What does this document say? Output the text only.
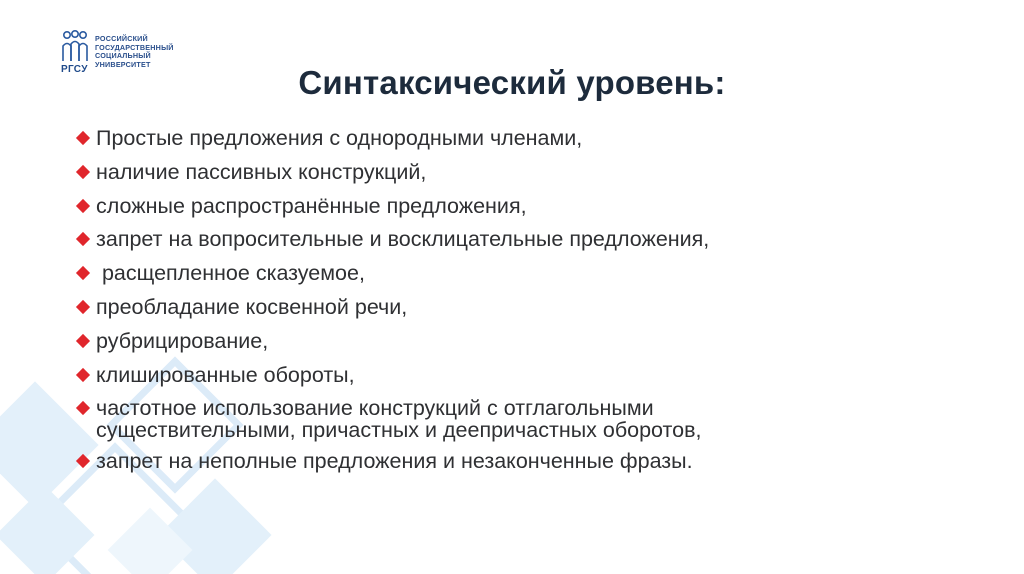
РГСУ
РОССИЙСКИЙ
ГОСУДАРСТВЕННЫЙ
СОЦИАЛЬНЫЙ
УНИВЕРСИТЕТ	Синтаксический уровень:
Простые предложения с однородными членами,
наличие пассивных конструкций,
сложные распространённые предложения,
запрет на вопросительные и восклицательные предложения,
расщепленное сказуемое,
преобладание косвенной речи,
рубрицирование,
клишированные обороты,
частотное использование конструкций с отглагольными
существительными, причастных и деепричастных оборотов,
запрет на неполные предложения и незаконченные фразы.
